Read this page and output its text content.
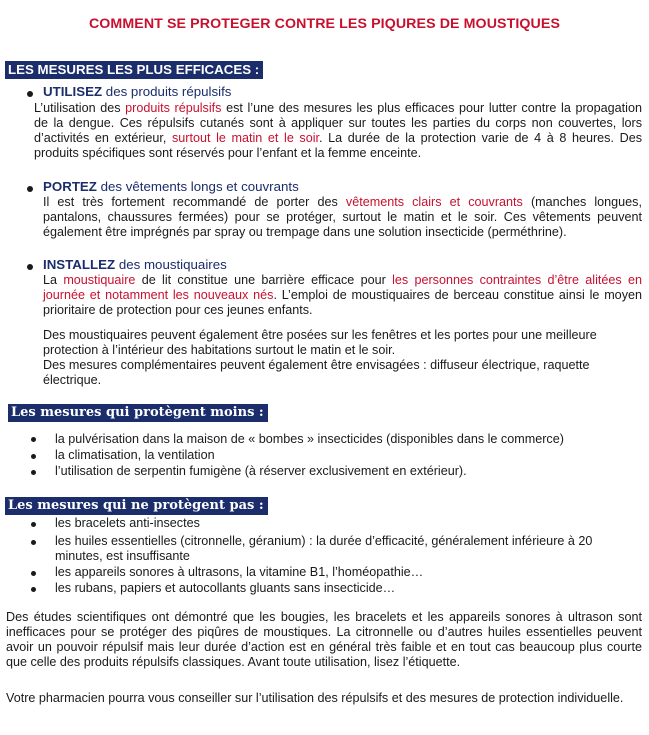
COMMENT SE PROTEGER CONTRE LES PIQURES DE MOUSTIQUES
LES MESURES LES PLUS EFFICACES :
UTILISEZ des produits répulsifs
L’utilisation des produits répulsifs est l’une des mesures les plus efficaces pour lutter contre la propagation de la dengue. Ces répulsifs cutanés sont à appliquer sur toutes les parties du corps non couvertes, lors d’activités en extérieur, surtout le matin et le soir. La durée de la protection varie de 4 à 8 heures. Des produits spécifiques sont réservés pour l’enfant et la femme enceinte.
PORTEZ des vêtements longs et couvrants
Il est très fortement recommandé de porter des vêtements clairs et couvrants (manches longues, pantalons, chaussures fermées) pour se protéger, surtout le matin et le soir. Ces vêtements peuvent également être imprégnés par spray ou trempage dans une solution insecticide (perméthrine).
INSTALLEZ des moustiquaires
La moustiquaire de lit constitue une barrière efficace pour les personnes contraintes d’être alitées en journée et notamment les nouveaux nés. L’emploi de moustiquaires de berceau constitue ainsi le moyen prioritaire de protection pour ces jeunes enfants.
Des moustiquaires peuvent également être posées sur les fenêtres et les portes pour une meilleure protection à l’intérieur des habitations surtout le matin et le soir.
Des mesures complémentaires peuvent également être envisagées : diffuseur électrique, raquette électrique.
Les mesures qui protègent moins :
la pulvérisation dans la maison de « bombes » insecticides (disponibles dans le commerce)
la climatisation, la ventilation
l’utilisation de serpentin fumigène (à réserver exclusivement en extérieur).
Les mesures qui ne protègent pas :
les bracelets anti-insectes
les huiles essentielles (citronnelle, géranium) : la durée d’efficacité, généralement inférieure à 20
minutes, est insuffisante
les appareils sonores à ultrasons, la vitamine B1, l’homéopathie…
les rubans, papiers et autocollants gluants sans insecticide…
Des études scientifiques ont démontré que les bougies, les bracelets et les appareils sonores à ultrason sont inefficaces pour se protéger des piqûres de moustiques. La citronnelle ou d’autres huiles essentielles peuvent avoir un pouvoir répulsif mais leur durée d’action est en général très faible et en tout cas beaucoup plus courte que celle des produits répulsifs classiques. Avant toute utilisation, lisez l’étiquette.
Votre pharmacien pourra vous conseiller sur l’utilisation des répulsifs et des mesures de protection individuelle.
